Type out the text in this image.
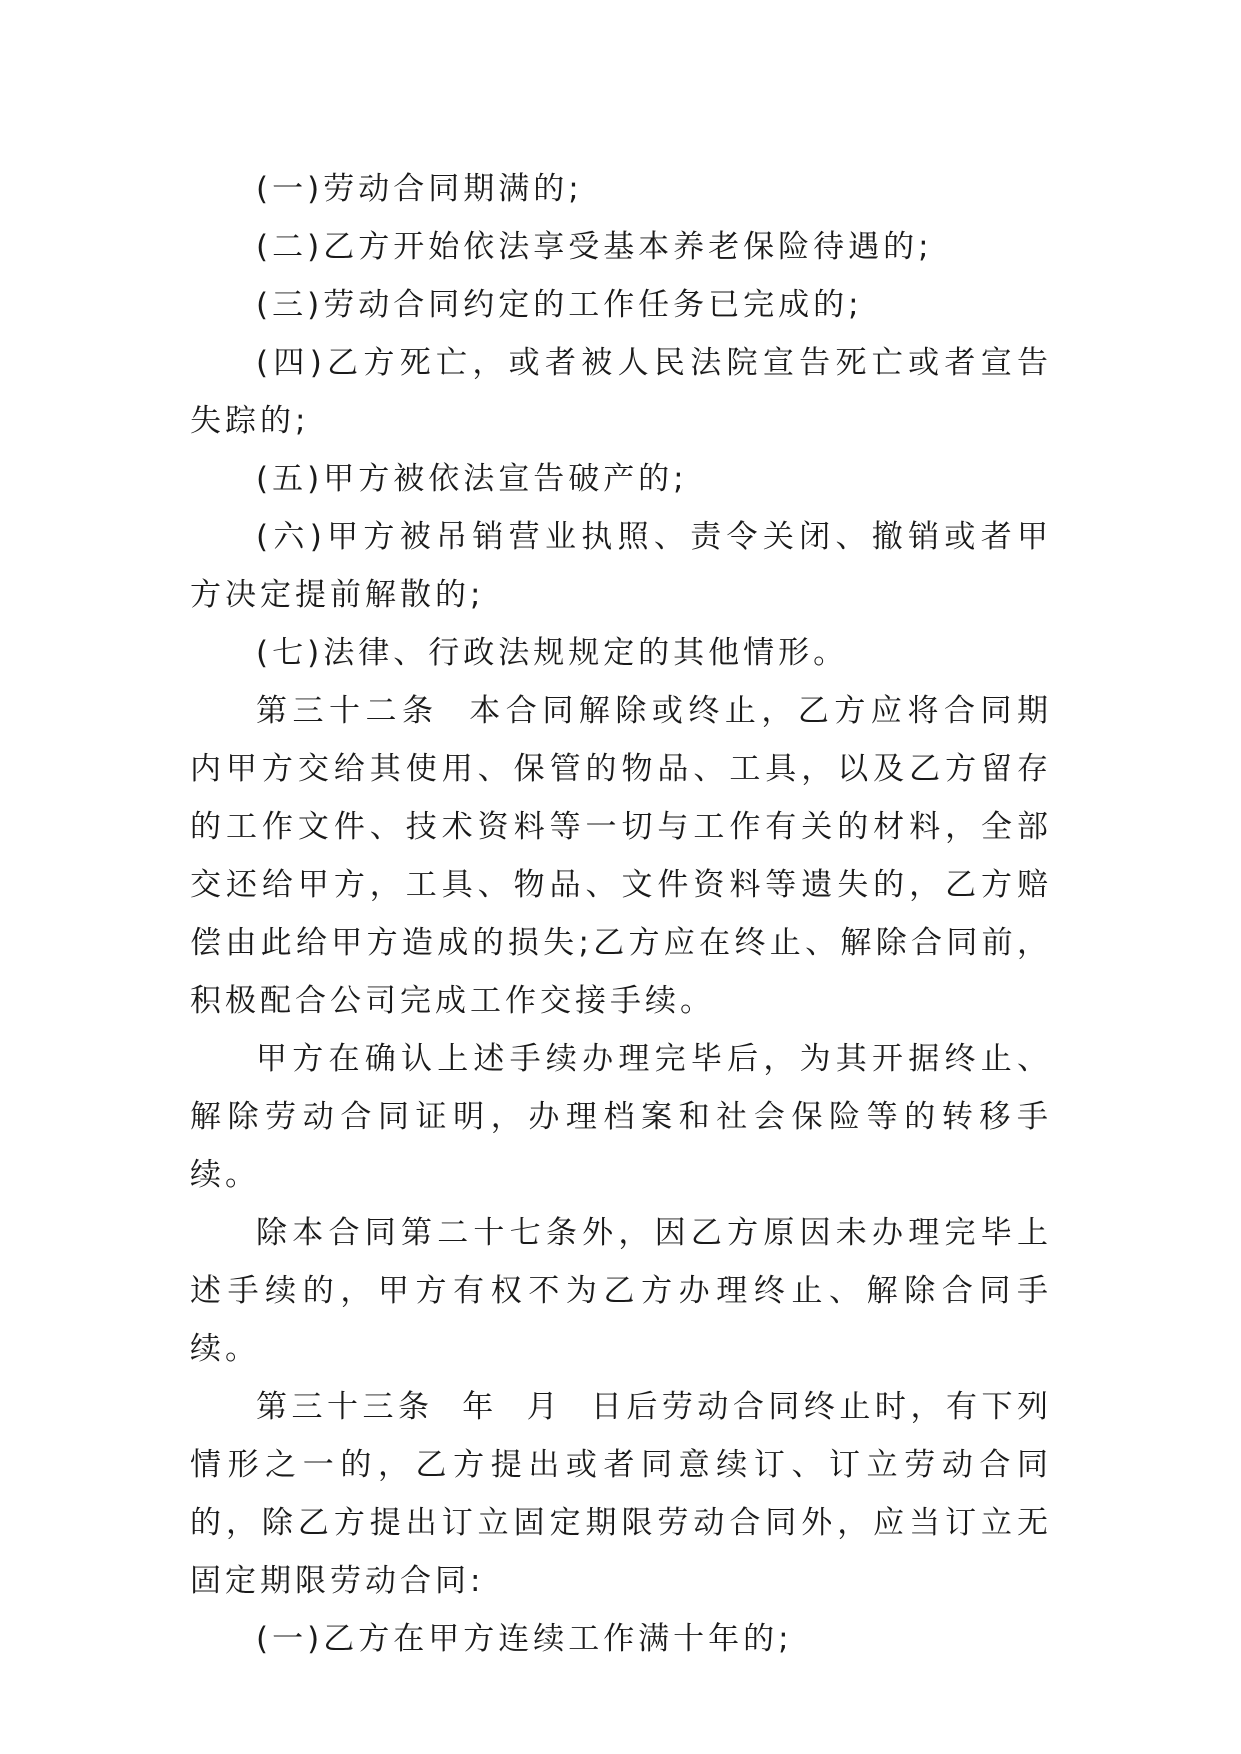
(一)劳动合同期满的;

(二)乙方开始依法享受基本养老保险待遇的;

(三)劳动合同约定的工作任务已完成的;

(四)乙方死亡，或者被人民法院宣告死亡或者宣告失踪的;

(五)甲方被依法宣告破产的;

(六)甲方被吊销营业执照、责令关闭、撤销或者甲方决定提前解散的;

(七)法律、行政法规规定的其他情形。

第三十二条  本合同解除或终止，乙方应将合同期内甲方交给其使用、保管的物品、工具，以及乙方留存的工作文件、技术资料等一切与工作有关的材料，全部交还给甲方，工具、物品、文件资料等遗失的，乙方赔偿由此给甲方造成的损失;乙方应在终止、解除合同前，积极配合公司完成工作交接手续。

甲方在确认上述手续办理完毕后，为其开据终止、解除劳动合同证明，办理档案和社会保险等的转移手续。

除本合同第二十七条外，因乙方原因未办理完毕上述手续的，甲方有权不为乙方办理终止、解除合同手续。

第三十三条  年  月  日后劳动合同终止时，有下列情形之一的，乙方提出或者同意续订、订立劳动合同的，除乙方提出订立固定期限劳动合同外，应当订立无固定期限劳动合同:

(一)乙方在甲方连续工作满十年的;
